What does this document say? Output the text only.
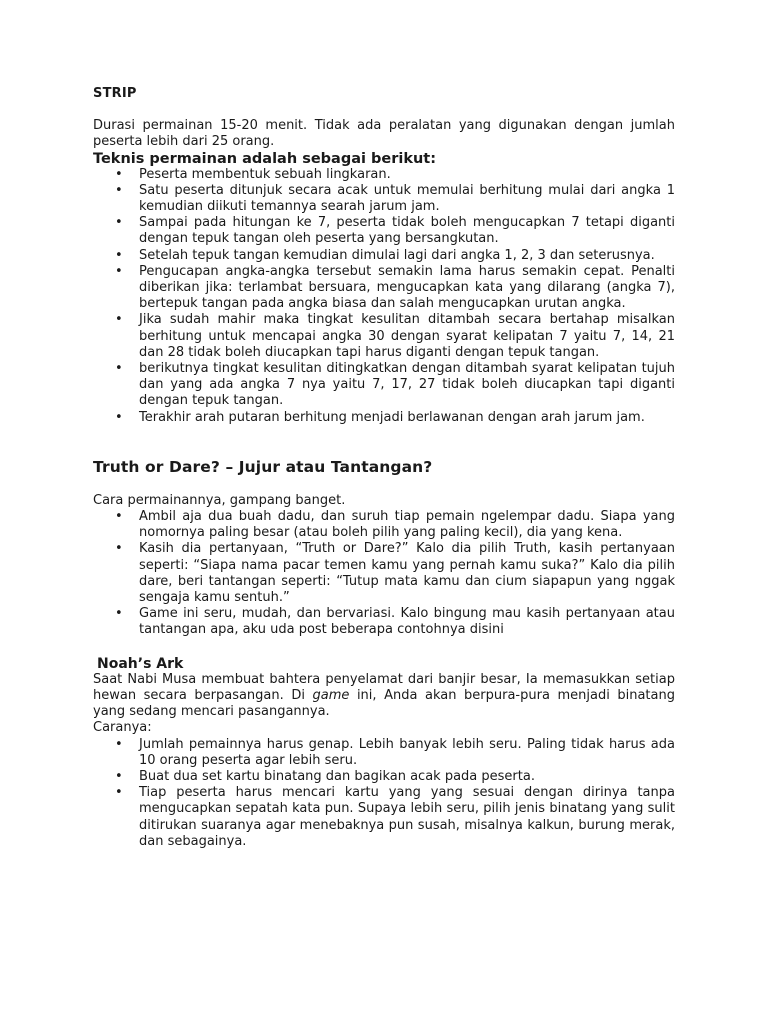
STRIP

Durasi permainan 15-20 menit. Tidak ada peralatan yang digunakan dengan jumlah peserta lebih dari 25 orang.

Teknis permainan adalah sebagai berikut:
• Peserta membentuk sebuah lingkaran.
• Satu peserta ditunjuk secara acak untuk memulai berhitung mulai dari angka 1 kemudian diikuti temannya searah jarum jam.
• Sampai pada hitungan ke 7, peserta tidak boleh mengucapkan 7 tetapi diganti dengan tepuk tangan oleh peserta yang bersangkutan.
• Setelah tepuk tangan kemudian dimulai lagi dari angka 1, 2, 3 dan seterusnya.
• Pengucapan angka-angka tersebut semakin lama harus semakin cepat. Penalti diberikan jika: terlambat bersuara, mengucapkan kata yang dilarang (angka 7), bertepuk tangan pada angka biasa dan salah mengucapkan urutan angka.
• Jika sudah mahir maka tingkat kesulitan ditambah secara bertahap misalkan berhitung untuk mencapai angka 30 dengan syarat kelipatan 7 yaitu 7, 14, 21 dan 28 tidak boleh diucapkan tapi harus diganti dengan tepuk tangan.
• berikutnya tingkat kesulitan ditingkatkan dengan ditambah syarat kelipatan tujuh dan yang ada angka 7 nya yaitu 7, 17, 27 tidak boleh diucapkan tapi diganti dengan tepuk tangan.
• Terakhir arah putaran berhitung menjadi berlawanan dengan arah jarum jam.
Truth or Dare? – Jujur atau Tantangan?

Cara permainannya, gampang banget.

• Ambil aja dua buah dadu, dan suruh tiap pemain ngelempar dadu. Siapa yang nomornya paling besar (atau boleh pilih yang paling kecil), dia yang kena.
• Kasih dia pertanyaan, “Truth or Dare?” Kalo dia pilih Truth, kasih pertanyaan seperti: “Siapa nama pacar temen kamu yang pernah kamu suka?” Kalo dia pilih dare, beri tantangan seperti: “Tutup mata kamu dan cium siapapun yang nggak sengaja kamu sentuh.”
• Game ini seru, mudah, dan bervariasi. Kalo bingung mau kasih pertanyaan atau tantangan apa, aku uda post beberapa contohnya disini
Noah’s Ark

Saat Nabi Musa membuat bahtera penyelamat dari banjir besar, Ia memasukkan setiap hewan secara berpasangan. Di game ini, Anda akan berpura-pura menjadi binatang yang sedang mencari pasangannya.

Caranya:

• Jumlah pemainnya harus genap. Lebih banyak lebih seru. Paling tidak harus ada 10 orang peserta agar lebih seru.
• Buat dua set kartu binatang dan bagikan acak pada peserta.
• Tiap peserta harus mencari kartu yang yang sesuai dengan dirinya tanpa mengucapkan sepatah kata pun. Supaya lebih seru, pilih jenis binatang yang sulit ditirukan suaranya agar menebaknya pun susah, misalnya kalkun, burung merak, dan sebagainya.
